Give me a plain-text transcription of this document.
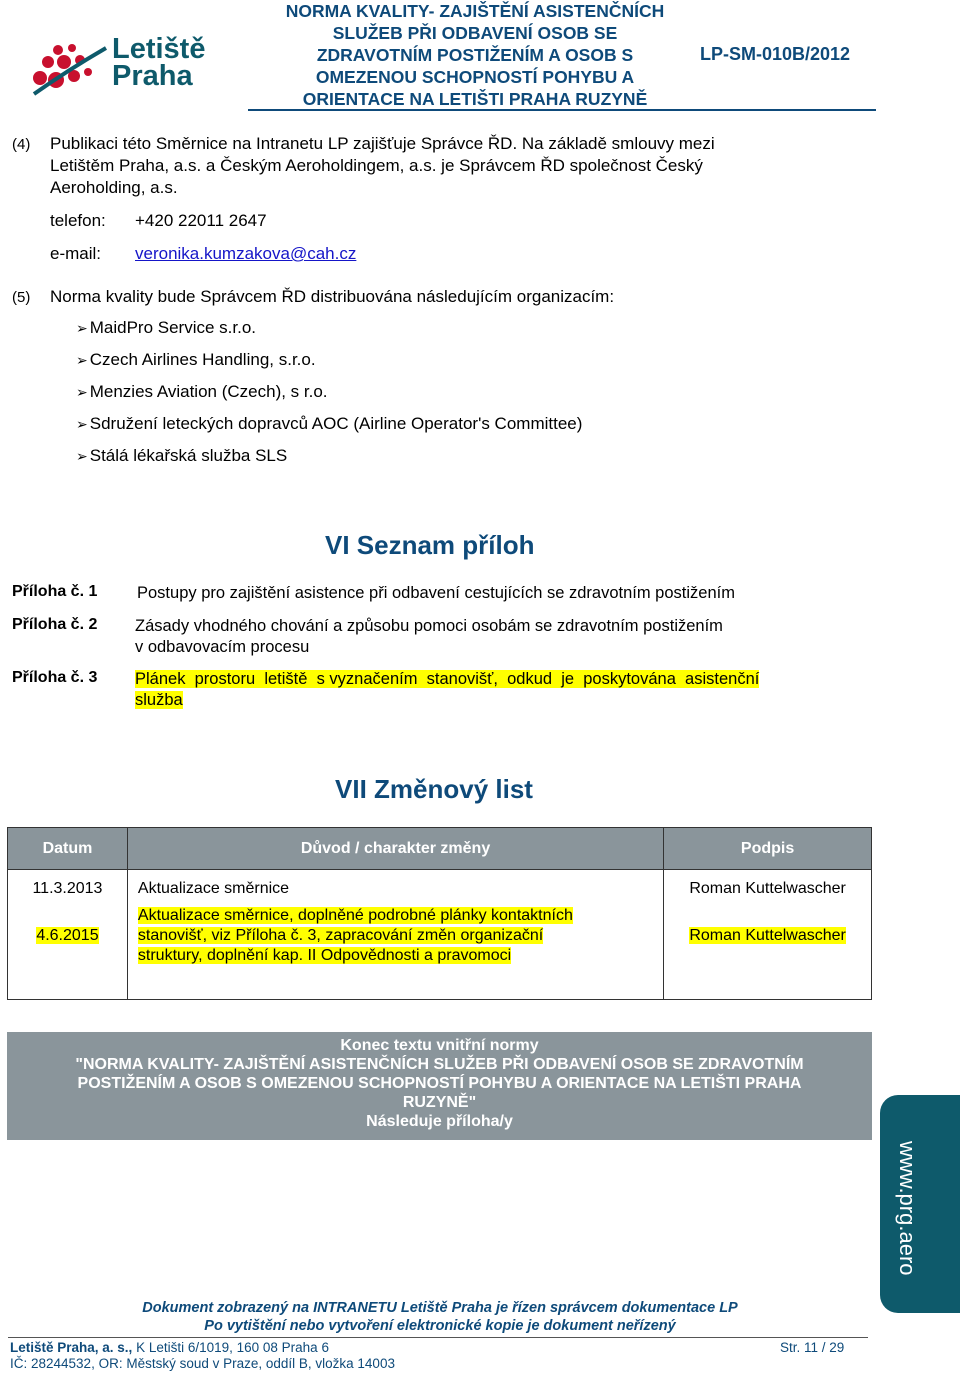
Letiště
Praha
NORMA KVALITY- ZAJIŠTĚNÍ ASISTENČNÍCH
SLUŽEB PŘI ODBAVENÍ OSOB SE
ZDRAVOTNÍM POSTIŽENÍM A OSOB S
OMEZENOU SCHOPNOSTÍ POHYBU A
ORIENTACE NA LETIŠTI PRAHA RUZYNĚ
LP-SM-010B/2012
(4) Publikaci této Směrnice na Intranetu LP zajišťuje Správce ŘD. Na základě smlouvy mezi
Letištěm Praha, a.s. a Českým Aeroholdingem, a.s. je Správcem ŘD společnost Český
Aeroholding, a.s.
telefon: +420 22011 2647
e-mail: veronika.kumzakova@cah.cz
(5) Norma kvality bude Správcem ŘD distribuována následujícím organizacím:
➢ MaidPro Service s.r.o.
➢ Czech Airlines Handling, s.r.o.
➢ Menzies Aviation (Czech), s r.o.
➢ Sdružení leteckých dopravců AOC (Airline Operator's Committee)
➢ Stálá lékařská služba SLS
VI Seznam příloh
Příloha č. 1 Postupy pro zajištění asistence při odbavení cestujících se zdravotním postižením
Příloha č. 2 Zásady vhodného chování a způsobu pomoci osobám se zdravotním postižením
v odbavovacím procesu
Příloha č. 3 Plánek  prostoru  letiště  s vyznačením  stanovišť,  odkud  je  poskytována  asistenční
služba
VII Změnový list
Datum	Důvod / charakter změny	Podpis
11.3.2013	Aktualizace směrnice	Roman Kuttelwascher
4.6.2015	Aktualizace směrnice, doplněné podrobné plánky kontaktních
stanovišť, viz Příloha č. 3, zapracování změn organizační
struktury, doplnění kap. II Odpovědnosti a pravomoci	Roman Kuttelwascher

Konec textu vnitřní normy
"NORMA KVALITY- ZAJIŠTĚNÍ ASISTENČNÍCH SLUŽEB PŘI ODBAVENÍ OSOB SE ZDRAVOTNÍM
POSTIŽENÍM A OSOB S OMEZENOU SCHOPNOSTÍ POHYBU A ORIENTACE NA LETIŠTI PRAHA
RUZYNĚ"
Následuje příloha/y
www.prg.aero
Dokument zobrazený na INTRANETU Letiště Praha je řízen správcem dokumentace LP
Po vytištění nebo vytvoření elektronické kopie je dokument neřízený
Letiště Praha, a. s., K Letišti 6/1019, 160 08 Praha 6
IČ: 28244532, OR: Městský soud v Praze, oddíl B, vložka 14003
Str. 11 / 29
